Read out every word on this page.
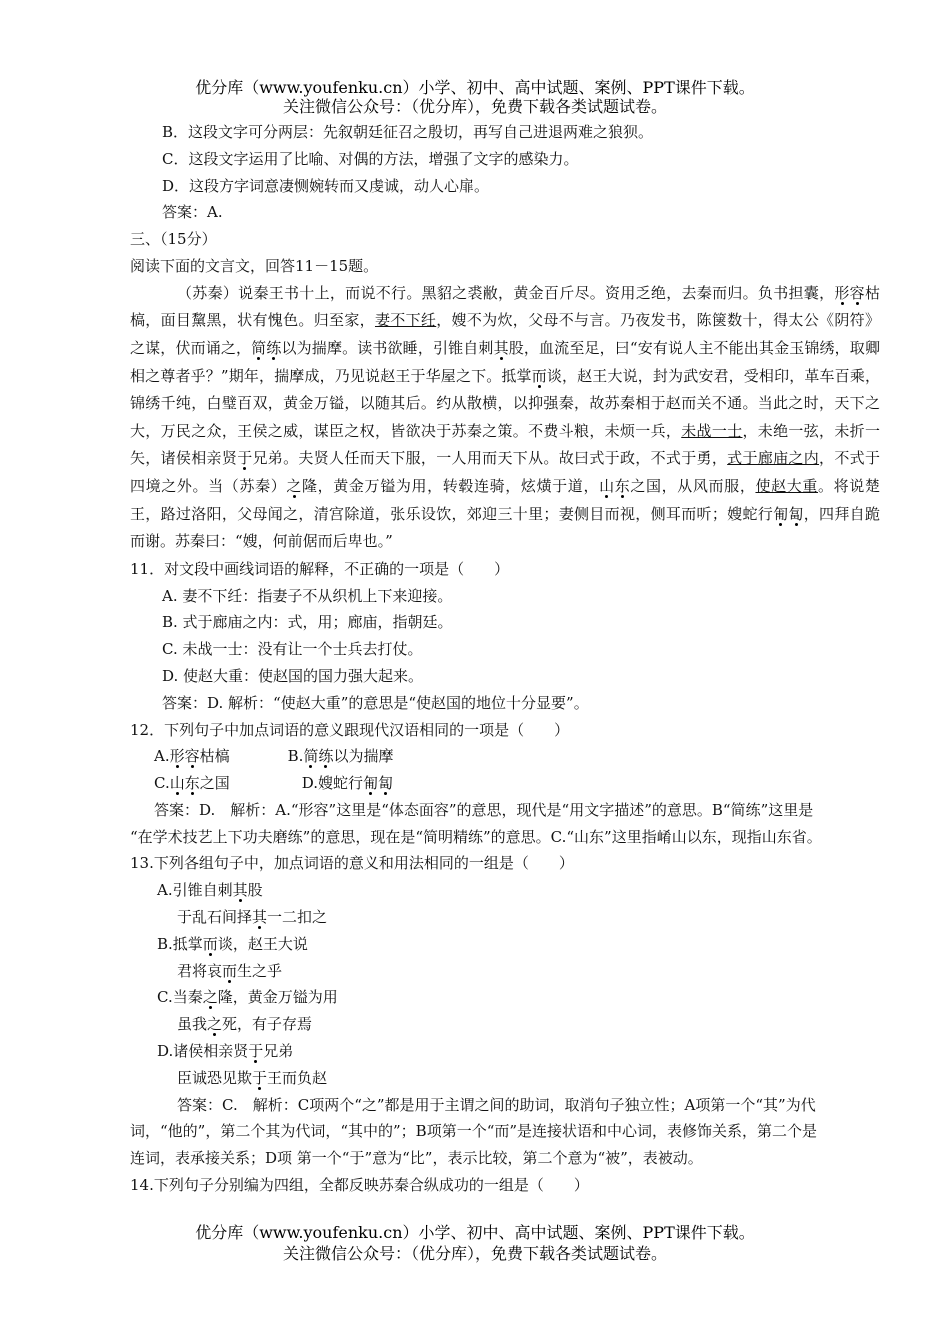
优分库（www.youfenku.cn）小学、初中、高中试题、案例、PPT课件下载。
关注微信公众号：（优分库），免费下载各类试题试卷。

B．这段文字可分两层：先叙朝廷征召之殷切，再写自己进退两难之狼狈。

C．这段文字运用了比喻、对偶的方法，增强了文字的感染力。

D．这段方字词意凄恻婉转而又虔诚，动人心扉。

答案：A.

三、（15分）

阅读下面的文言文，回答11－15题。

（苏秦）说秦王书十上，而说不行。黑貂之裘敝，黄金百斤尽。资用乏绝，去秦而归。负书担囊，形容枯槁，面目黧黑，状有愧色。归至家，妻不下纴，嫂不为炊，父母不与言。乃夜发书，陈箧数十，得太公《阴符》之谋，伏而诵之，简练以为揣摩。读书欲睡，引锥自刺其股，血流至足，曰“安有说人主不能出其金玉锦绣，取卿相之尊者乎？”期年，揣摩成，乃见说赵王于华屋之下。抵掌而谈，赵王大说，封为武安君，受相印，革车百乘，锦绣千纯，白璧百双，黄金万镒，以随其后。约从散横，以抑强秦，故苏秦相于赵而关不通。当此之时，天下之大，万民之众，王侯之威，谋臣之权，皆欲决于苏秦之策。不费斗粮，未烦一兵，未战一士，未绝一弦，未折一矢，诸侯相亲贤于兄弟。夫贤人任而天下服，一人用而天下从。故曰式于政，不式于勇，式于廊庙之内，不式于四境之外。当（苏秦）之隆，黄金万镒为用，转毂连骑，炫熿于道，山东之国，从风而服，使赵大重。将说楚王，路过洛阳，父母闻之，清宫除道，张乐设饮，郊迎三十里；妻侧目而视，侧耳而听；嫂蛇行匍匐，四拜自跪而谢。苏秦曰：“嫂，何前倨而后卑也。”

11．对文段中画线词语的解释，不正确的一项是（　　）

A. 妻不下纴：指妻子不从织机上下来迎接。

B. 式于廊庙之内：式，用；廊庙，指朝廷。

C. 未战一士：没有让一个士兵去打仗。

D. 使赵大重：使赵国的国力强大起来。

答案：D. 解析：“使赵大重”的意思是“使赵国的地位十分显要”。

12．下列句子中加点词语的意义跟现代汉语相同的一项是（　　）

A.形容枯槁	B.简练以为揣摩

C.山东之国	D.嫂蛇行匍匐

答案：D.　解析：A.“形容”这里是“体态面容”的意思，现代是“用文字描述”的意思。B“简练”这里是

“在学术技艺上下功夫磨练”的意思，现在是“简明精练”的意思。C.“山东”这里指崤山以东，现指山东省。

13.下列各组句子中，加点词语的意义和用法相同的一组是（　　）

A.引锥自刺其股

于乱石间择其一二扣之

B.抵掌而谈，赵王大说

君将哀而生之乎

C.当秦之隆，黄金万镒为用

虽我之死，有子存焉

D.诸侯相亲贤于兄弟

臣诚恐见欺于王而负赵

答案：C.　解析：C项两个“之”都是用于主谓之间的助词，取消句子独立性；A项第一个“其”为代

词，“他的”，第二个其为代词，“其中的”；B项第一个“而”是连接状语和中心词，表修饰关系，第二个是

连词，表承接关系；D项 第一个“于”意为“比”，表示比较，第二个意为“被”，表被动。

14.下列句子分别编为四组，全都反映苏秦合纵成功的一组是（　　）

优分库（www.youfenku.cn）小学、初中、高中试题、案例、PPT课件下载。
关注微信公众号：（优分库），免费下载各类试题试卷。
